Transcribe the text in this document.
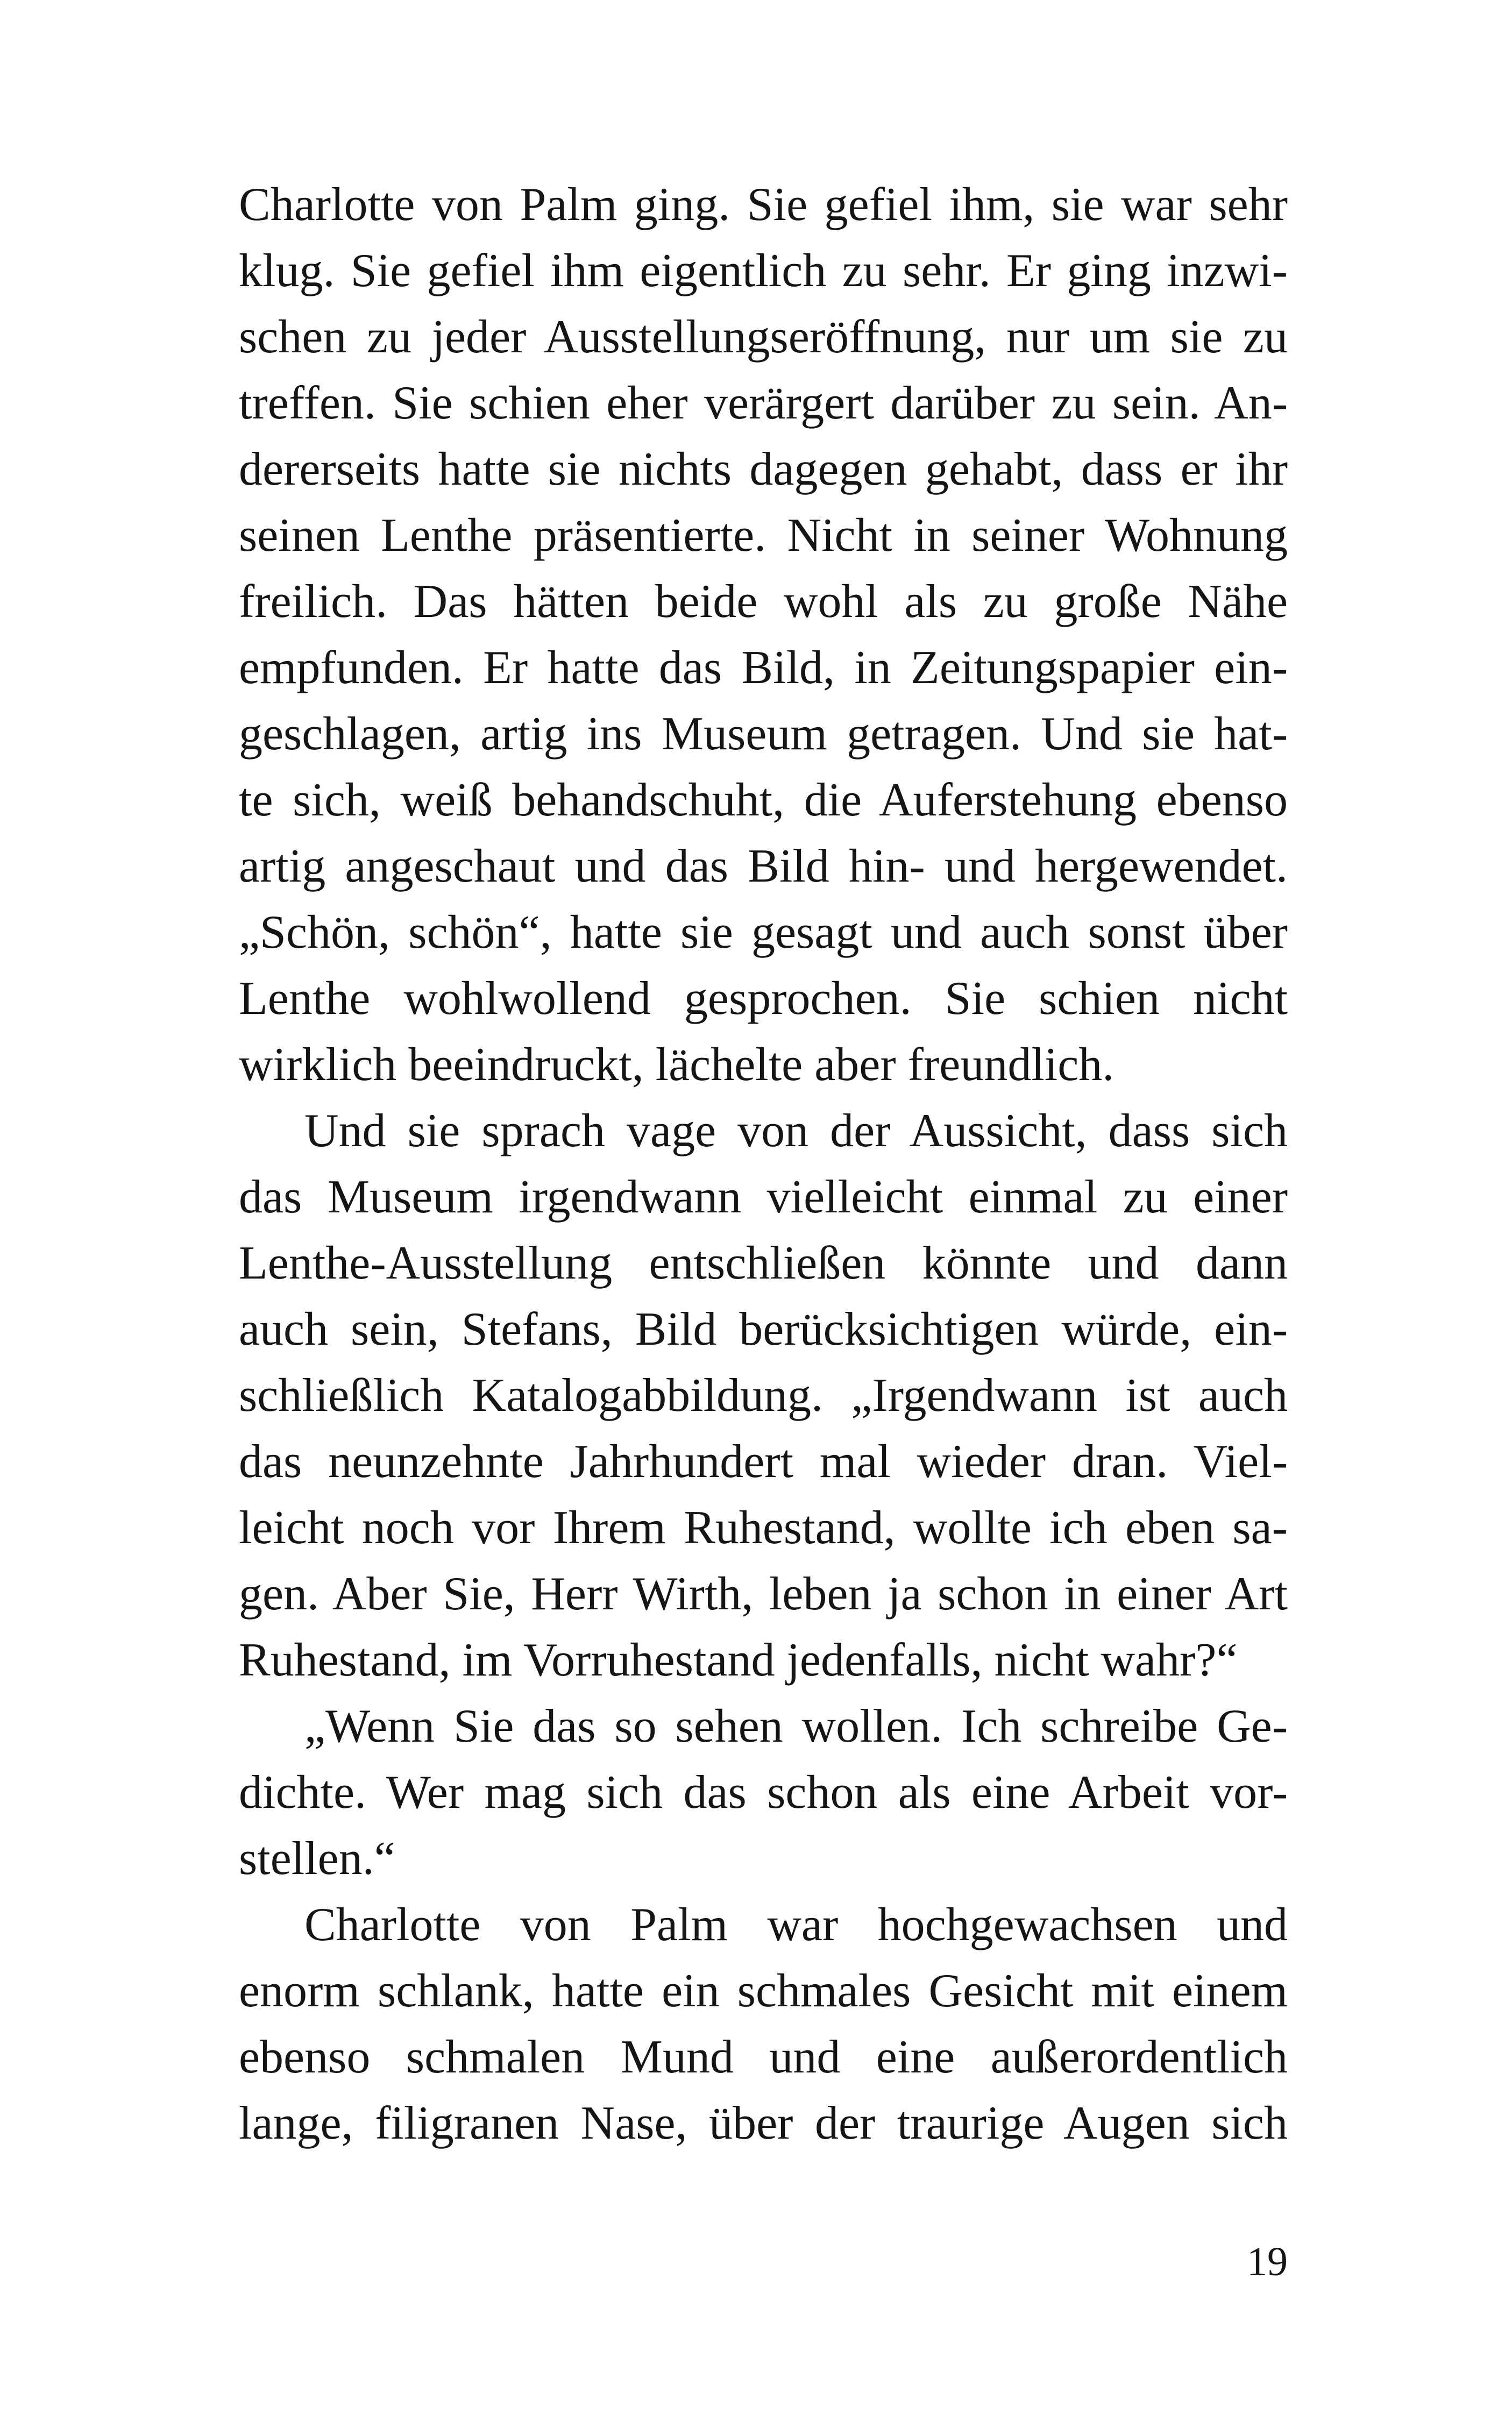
Charlotte von Palm ging. Sie gefiel ihm, sie war sehr
klug. Sie gefiel ihm eigentlich zu sehr. Er ging inzwi-
schen zu jeder Ausstellungseröffnung, nur um sie zu
treffen. Sie schien eher verärgert darüber zu sein. An-
dererseits hatte sie nichts dagegen gehabt, dass er ihr
seinen Lenthe präsentierte. Nicht in seiner Wohnung
freilich. Das hätten beide wohl als zu große Nähe
empfunden. Er hatte das Bild, in Zeitungspapier ein-
geschlagen, artig ins Museum getragen. Und sie hat-
te sich, weiß behandschuht, die Auferstehung ebenso
artig angeschaut und das Bild hin- und hergewendet.
„Schön, schön“, hatte sie gesagt und auch sonst über
Lenthe wohlwollend gesprochen. Sie schien nicht
wirklich beeindruckt, lächelte aber freundlich.
Und sie sprach vage von der Aussicht, dass sich
das Museum irgendwann vielleicht einmal zu einer
Lenthe-Ausstellung entschließen könnte und dann
auch sein, Stefans, Bild berücksichtigen würde, ein-
schließlich Katalogabbildung. „Irgendwann ist auch
das neunzehnte Jahrhundert mal wieder dran. Viel-
leicht noch vor Ihrem Ruhestand, wollte ich eben sa-
gen. Aber Sie, Herr Wirth, leben ja schon in einer Art
Ruhestand, im Vorruhestand jedenfalls, nicht wahr?“
„Wenn Sie das so sehen wollen. Ich schreibe Ge-
dichte. Wer mag sich das schon als eine Arbeit vor-
stellen.“
Charlotte von Palm war hochgewachsen und
enorm schlank, hatte ein schmales Gesicht mit einem
ebenso schmalen Mund und eine außerordentlich
lange, filigranen Nase, über der traurige Augen sich
19
